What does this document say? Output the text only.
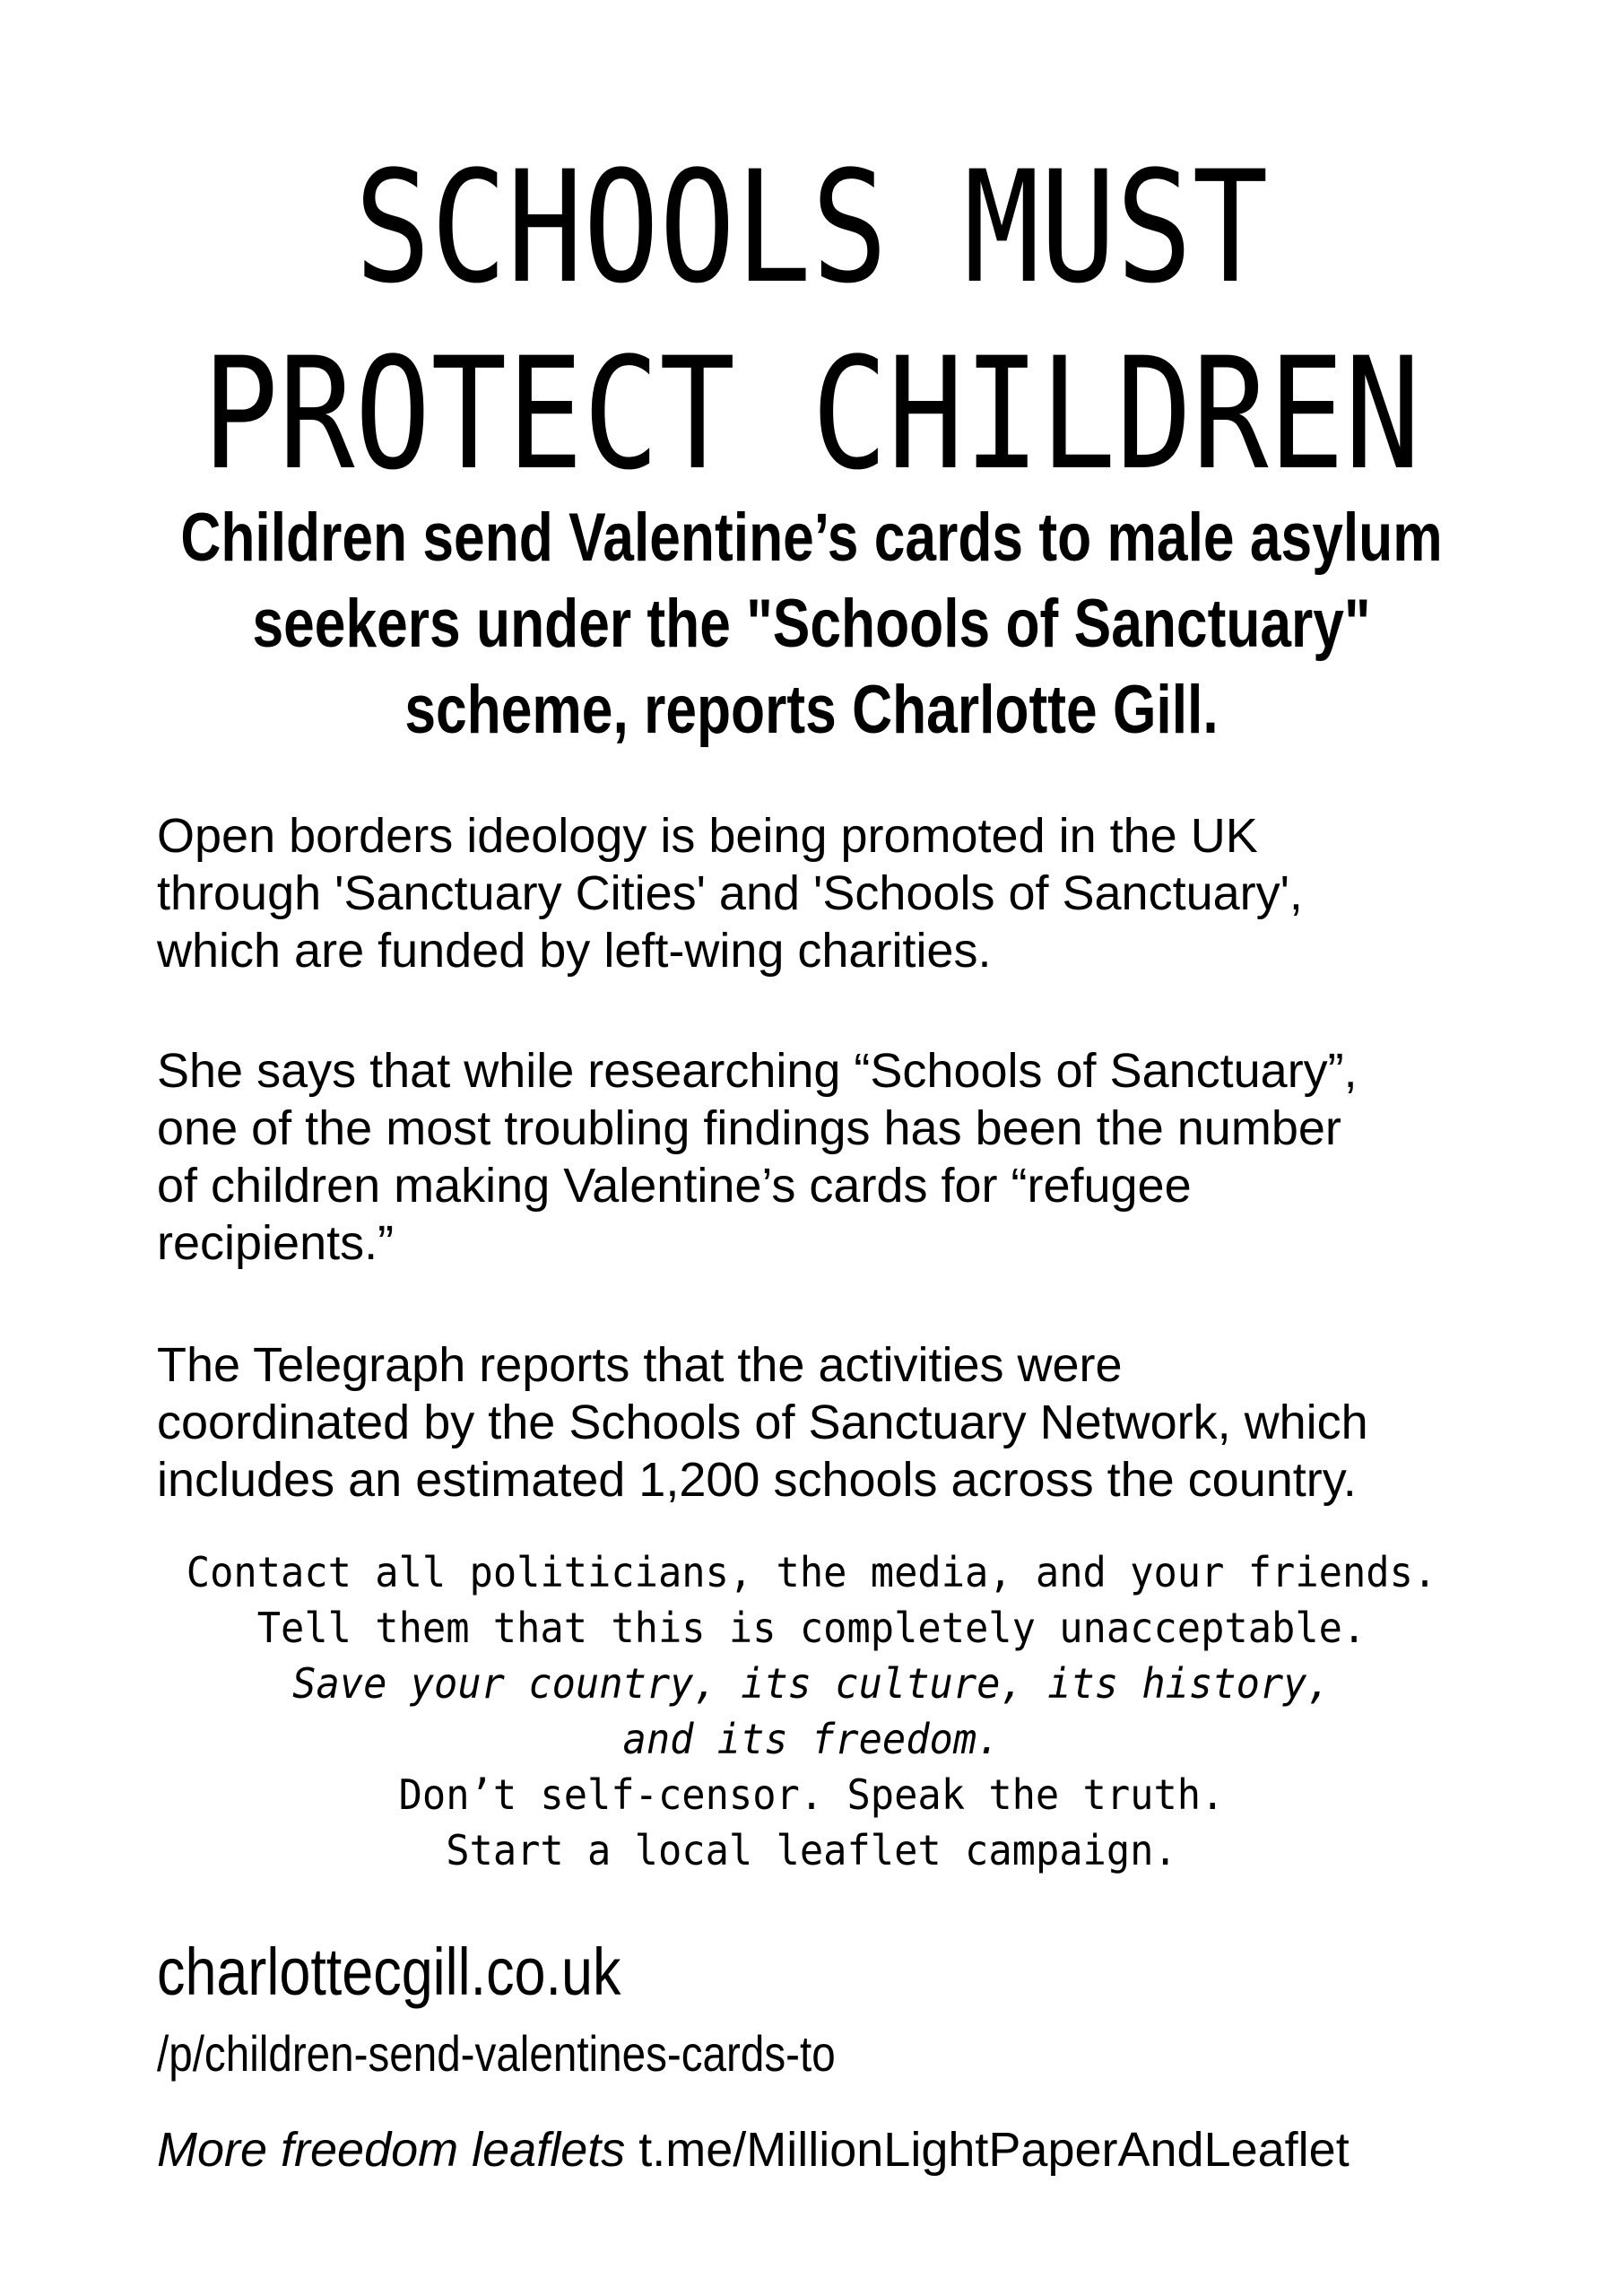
SCHOOLS MUST
PROTECT CHILDREN
Children send Valentine’s cards to male asylum
seekers under the "Schools of Sanctuary"
scheme, reports Charlotte Gill.
Open borders ideology is being promoted in the UK
through 'Sanctuary Cities' and 'Schools of Sanctuary',
which are funded by left-wing charities.
She says that while researching “Schools of Sanctuary”,
one of the most troubling findings has been the number
of children making Valentine’s cards for “refugee
recipients.”
The Telegraph reports that the activities were
coordinated by the Schools of Sanctuary Network, which
includes an estimated 1,200 schools across the country.
Contact all politicians, the media, and your friends.
Tell them that this is completely unacceptable.
Save your country, its culture, its history,
and its freedom.
Don’t self-censor. Speak the truth.
Start a local leaflet campaign.
charlottecgill.co.uk
/p/children-send-valentines-cards-to
More freedom leaflets t.me/MillionLightPaperAndLeaflet
